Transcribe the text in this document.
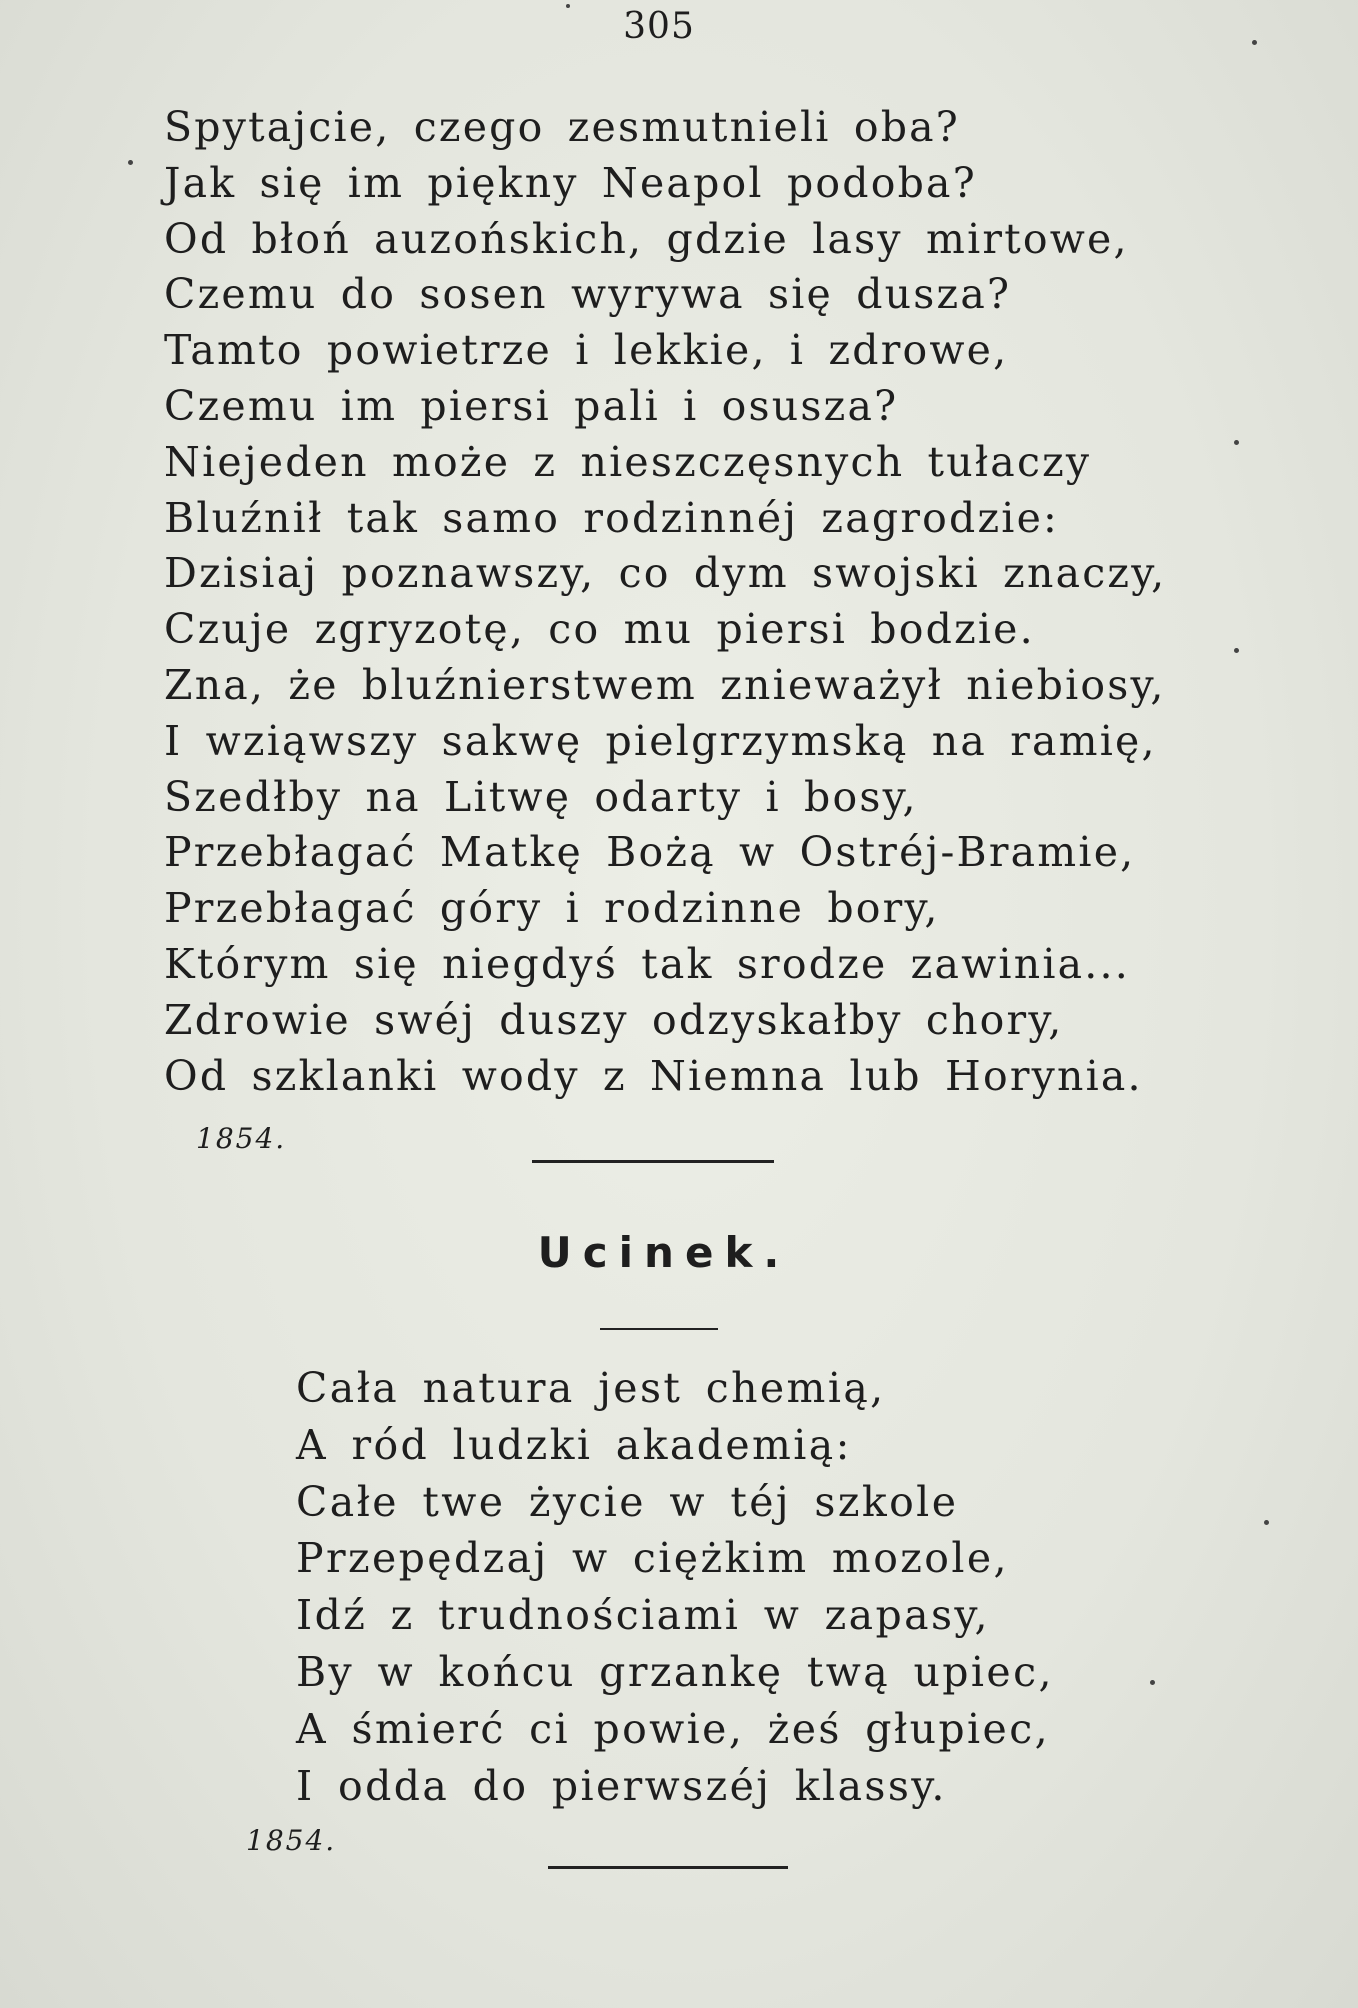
305
Spytajcie, czego zesmutnieli oba?
Jak się im piękny Neapol podoba?
Od błoń auzońskich, gdzie lasy mirtowe,
Czemu do sosen wyrywa się dusza?
Tamto powietrze i lekkie, i zdrowe,
Czemu im piersi pali i osusza?
Niejeden może z nieszczęsnych tułaczy
Bluźnił tak samo rodzinnéj zagrodzie:
Dzisiaj poznawszy, co dym swojski znaczy,
Czuje zgryzotę, co mu piersi bodzie.
Zna, że bluźnierstwem znieważył niebiosy,
I wziąwszy sakwę pielgrzymską na ramię,
Szedłby na Litwę odarty i bosy,
Przebłagać Matkę Bożą w Ostréj-Bramie,
Przebłagać góry i rodzinne bory,
Którym się niegdyś tak srodze zawinia...
Zdrowie swéj duszy odzyskałby chory,
Od szklanki wody z Niemna lub Horynia.
1854.
Ucinek.
Cała natura jest chemią,
A ród ludzki akademią:
Całe twe życie w téj szkole
Przepędzaj w ciężkim mozole,
Idź z trudnościami w zapasy,
By w końcu grzankę twą upiec,
A śmierć ci powie, żeś głupiec,
I odda do pierwszéj klassy.
1854.
